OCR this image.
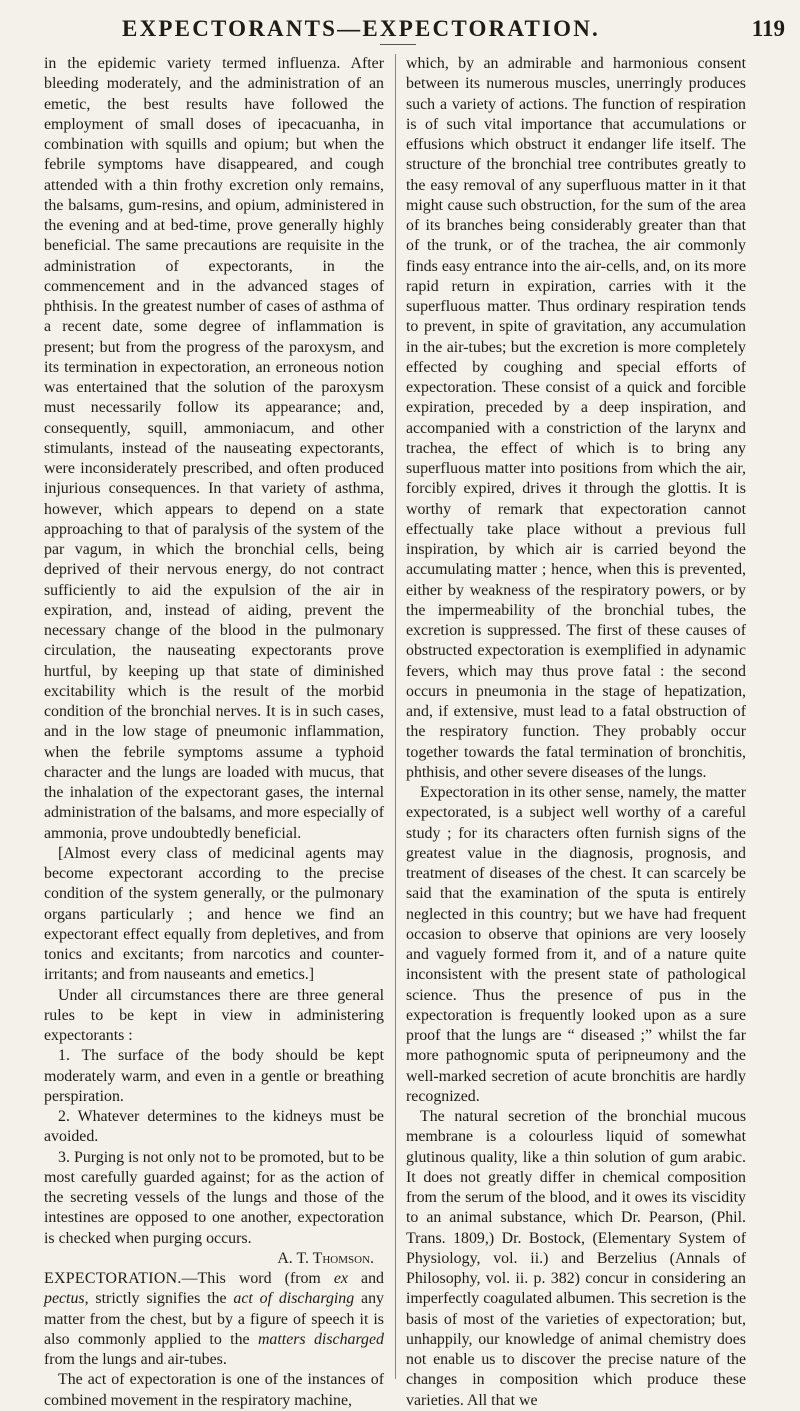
EXPECTORANTS—EXPECTORATION.	119

in the epidemic variety termed influenza. After bleeding moderately, and the administration of an emetic, the best results have followed the employment of small doses of ipecacuanha, in combination with squills and opium; but when the febrile symptoms have disappeared, and cough attended with a thin frothy excretion only remains, the balsams, gum-resins, and opium, administered in the evening and at bed-time, prove generally highly beneficial. The same precautions are requisite in the administration of expectorants, in the commencement and in the advanced stages of phthisis. In the greatest number of cases of asthma of a recent date, some degree of inflammation is present; but from the progress of the paroxysm, and its termination in expectoration, an erroneous notion was entertained that the solution of the paroxysm must necessarily follow its appearance; and, consequently, squill, ammoniacum, and other stimulants, instead of the nauseating expectorants, were inconsiderately prescribed, and often produced injurious consequences. In that variety of asthma, however, which appears to depend on a state approaching to that of paralysis of the system of the par vagum, in which the bronchial cells, being deprived of their nervous energy, do not contract sufficiently to aid the expulsion of the air in expiration, and, instead of aiding, prevent the necessary change of the blood in the pulmonary circulation, the nauseating expectorants prove hurtful, by keeping up that state of diminished excitability which is the result of the morbid condition of the bronchial nerves. It is in such cases, and in the low stage of pneumonic inflammation, when the febrile symptoms assume a typhoid character and the lungs are loaded with mucus, that the inhalation of the expectorant gases, the internal administration of the balsams, and more especially of ammonia, prove undoubtedly beneficial.

[Almost every class of medicinal agents may become expectorant according to the precise condition of the system generally, or the pulmonary organs particularly ; and hence we find an expectorant effect equally from depletives, and from tonics and excitants; from narcotics and counter-irritants; and from nauseants and emetics.]

Under all circumstances there are three general rules to be kept in view in administering expectorants :

1. The surface of the body should be kept moderately warm, and even in a gentle or breathing perspiration.

2. Whatever determines to the kidneys must be avoided.

3. Purging is not only not to be promoted, but to be most carefully guarded against; for as the action of the secreting vessels of the lungs and those of the intestines are opposed to one another, expectoration is checked when purging occurs.

A. T. Thomson.

EXPECTORATION.—This word (from ex and pectus, strictly signifies the act of discharging any matter from the chest, but by a figure of speech it is also commonly applied to the matters discharged from the lungs and air-tubes.

The act of expectoration is one of the instances of combined movement in the respiratory machine,

which, by an admirable and harmonious consent between its numerous muscles, unerringly produces such a variety of actions. The function of respiration is of such vital importance that accumulations or effusions which obstruct it endanger life itself. The structure of the bronchial tree contributes greatly to the easy removal of any superfluous matter in it that might cause such obstruction, for the sum of the area of its branches being considerably greater than that of the trunk, or of the trachea, the air commonly finds easy entrance into the air-cells, and, on its more rapid return in expiration, carries with it the superfluous matter. Thus ordinary respiration tends to prevent, in spite of gravitation, any accumulation in the air-tubes; but the excretion is more completely effected by coughing and special efforts of expectoration. These consist of a quick and forcible expiration, preceded by a deep inspiration, and accompanied with a constriction of the larynx and trachea, the effect of which is to bring any superfluous matter into positions from which the air, forcibly expired, drives it through the glottis. It is worthy of remark that expectoration cannot effectually take place without a previous full inspiration, by which air is carried beyond the accumulating matter ; hence, when this is prevented, either by weakness of the respiratory powers, or by the impermeability of the bronchial tubes, the excretion is suppressed. The first of these causes of obstructed expectoration is exemplified in adynamic fevers, which may thus prove fatal : the second occurs in pneumonia in the stage of hepatization, and, if extensive, must lead to a fatal obstruction of the respiratory function. They probably occur together towards the fatal termination of bronchitis, phthisis, and other severe diseases of the lungs.

Expectoration in its other sense, namely, the matter expectorated, is a subject well worthy of a careful study ; for its characters often furnish signs of the greatest value in the diagnosis, prognosis, and treatment of diseases of the chest. It can scarcely be said that the examination of the sputa is entirely neglected in this country; but we have had frequent occasion to observe that opinions are very loosely and vaguely formed from it, and of a nature quite inconsistent with the present state of pathological science. Thus the presence of pus in the expectoration is frequently looked upon as a sure proof that the lungs are “ diseased ;” whilst the far more pathognomic sputa of peripneumony and the well-marked secretion of acute bronchitis are hardly recognized.

The natural secretion of the bronchial mucous membrane is a colourless liquid of somewhat glutinous quality, like a thin solution of gum arabic. It does not greatly differ in chemical composition from the serum of the blood, and it owes its viscidity to an animal substance, which Dr. Pearson, (Phil. Trans. 1809,) Dr. Bostock, (Elementary System of Physiology, vol. ii.) and Berzelius (Annals of Philosophy, vol. ii. p. 382) concur in considering an imperfectly coagulated albumen. This secretion is the basis of most of the varieties of expectoration; but, unhappily, our knowledge of animal chemistry does not enable us to discover the precise nature of the changes in composition which produce these varieties. All that we
